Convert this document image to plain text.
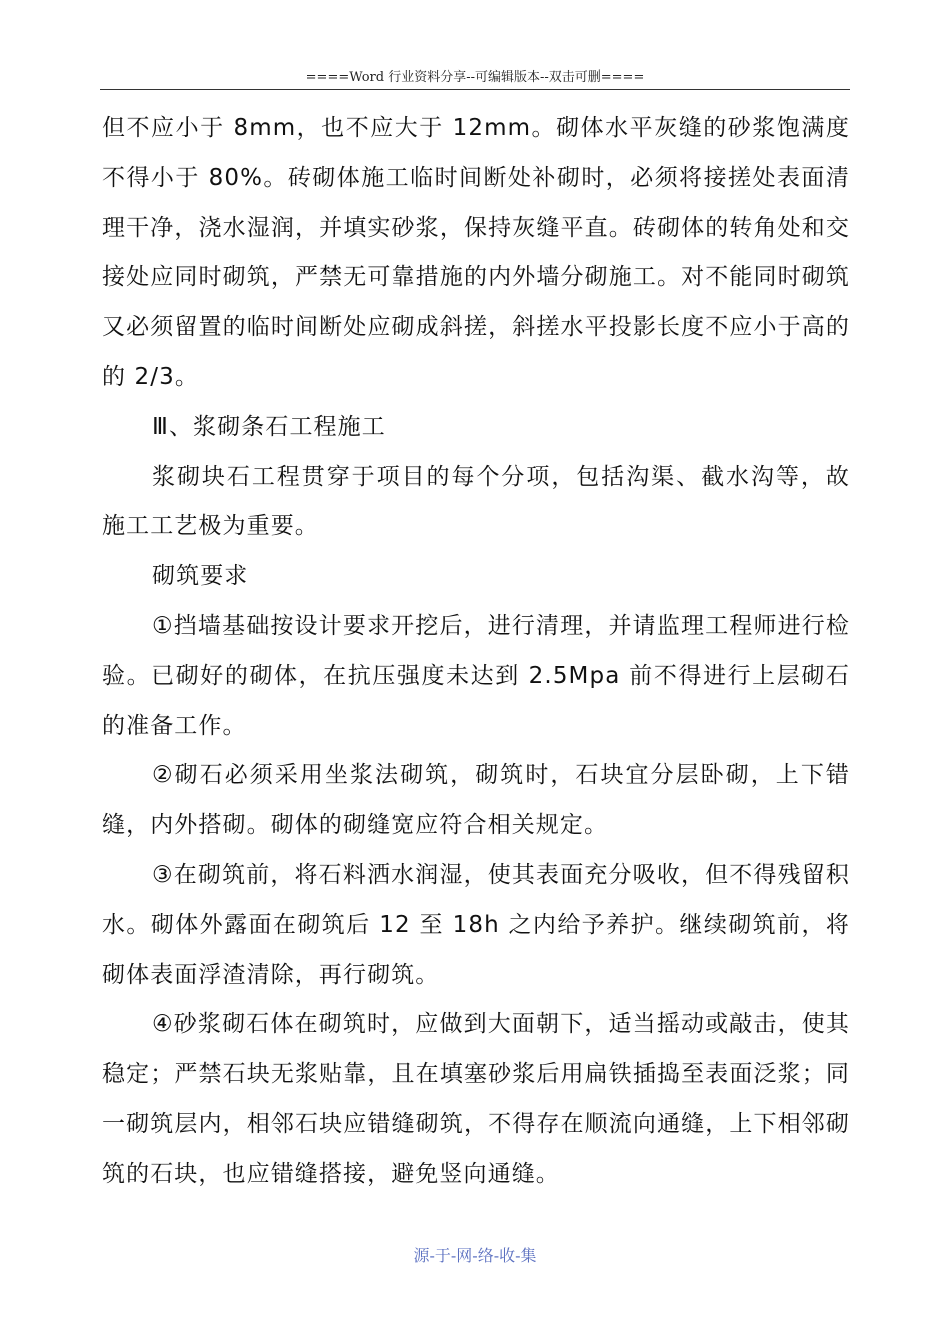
====Word 行业资料分享--可编辑版本--双击可删====

但不应小于 8mm，也不应大于 12mm。砌体水平灰缝的砂浆饱满度不得小于 80%。砖砌体施工临时间断处补砌时，必须将接搓处表面清理干净，浇水湿润，并填实砂浆，保持灰缝平直。砖砌体的转角处和交接处应同时砌筑，严禁无可靠措施的内外墙分砌施工。对不能同时砌筑又必须留置的临时间断处应砌成斜搓，斜搓水平投影长度不应小于高的的 2/3。

Ⅲ、浆砌条石工程施工

浆砌块石工程贯穿于项目的每个分项，包括沟渠、截水沟等，故施工工艺极为重要。

砌筑要求

①挡墙基础按设计要求开挖后，进行清理，并请监理工程师进行检验。已砌好的砌体，在抗压强度未达到 2.5Mpa 前不得进行上层砌石的准备工作。

②砌石必须采用坐浆法砌筑，砌筑时，石块宜分层卧砌，上下错缝，内外搭砌。砌体的砌缝宽应符合相关规定。

③在砌筑前，将石料洒水润湿，使其表面充分吸收，但不得残留积水。砌体外露面在砌筑后 12 至 18h 之内给予养护。继续砌筑前，将砌体表面浮渣清除，再行砌筑。

④砂浆砌石体在砌筑时，应做到大面朝下，适当摇动或敲击，使其稳定；严禁石块无浆贴靠，且在填塞砂浆后用扁铁插捣至表面泛浆；同一砌筑层内，相邻石块应错缝砌筑，不得存在顺流向通缝，上下相邻砌筑的石块，也应错缝搭接，避免竖向通缝。

源-于-网-络-收-集
